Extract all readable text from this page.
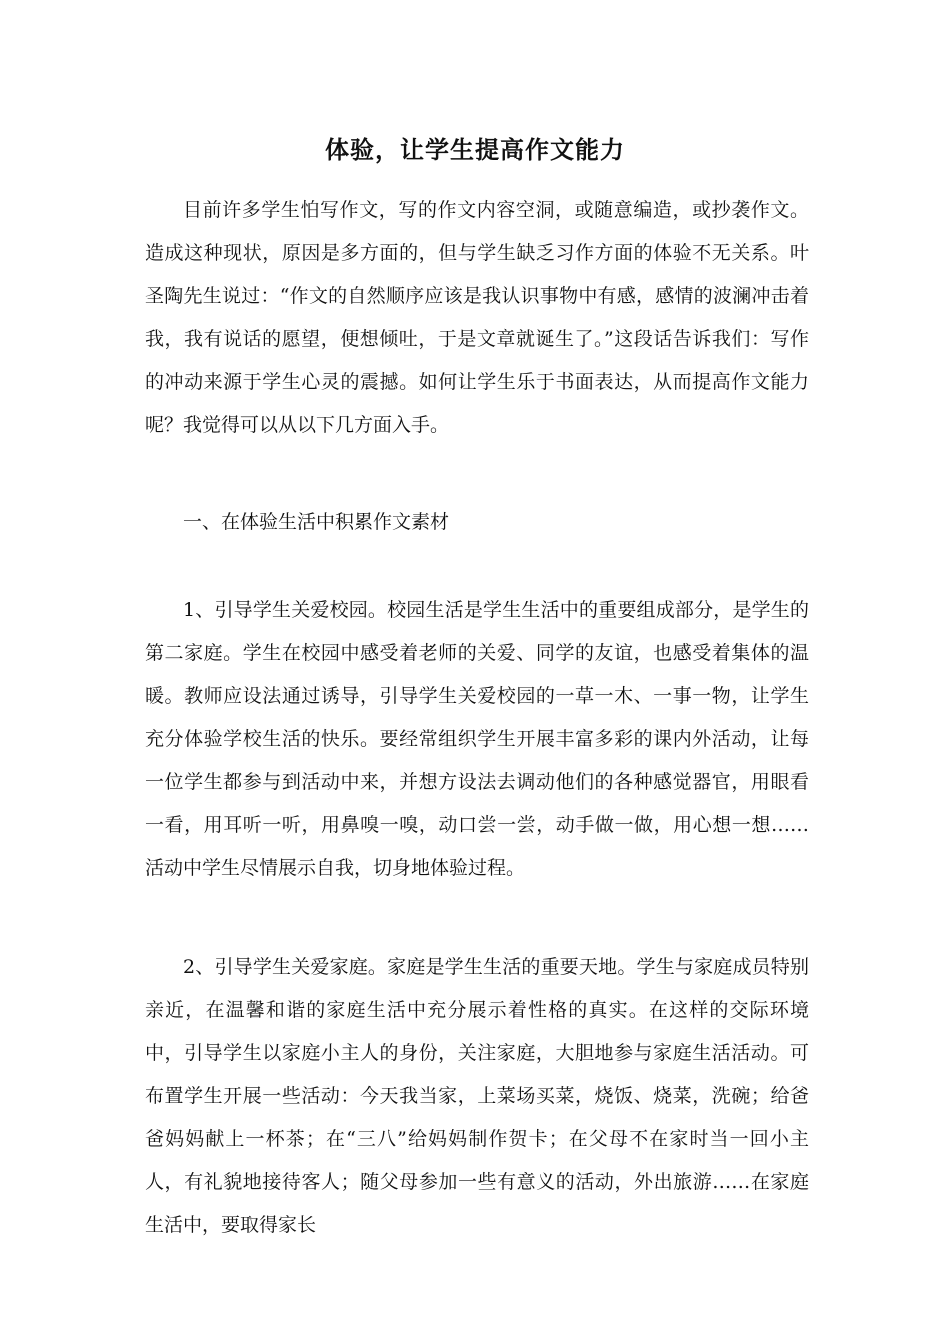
体验，让学生提高作文能力

目前许多学生怕写作文，写的作文内容空洞，或随意编造，或抄袭作文。造成这种现状，原因是多方面的，但与学生缺乏习作方面的体验不无关系。叶圣陶先生说过：“作文的自然顺序应该是我认识事物中有感，感情的波澜冲击着我，我有说话的愿望，便想倾吐，于是文章就诞生了。”这段话告诉我们：写作的冲动来源于学生心灵的震撼。如何让学生乐于书面表达，从而提高作文能力呢？我觉得可以从以下几方面入手。

一、在体验生活中积累作文素材

1、引导学生关爱校园。校园生活是学生生活中的重要组成部分，是学生的第二家庭。学生在校园中感受着老师的关爱、同学的友谊，也感受着集体的温暖。教师应设法通过诱导，引导学生关爱校园的一草一木、一事一物，让学生充分体验学校生活的快乐。要经常组织学生开展丰富多彩的课内外活动，让每一位学生都参与到活动中来，并想方设法去调动他们的各种感觉器官，用眼看一看，用耳听一听，用鼻嗅一嗅，动口尝一尝，动手做一做，用心想一想……活动中学生尽情展示自我，切身地体验过程。

2、引导学生关爱家庭。家庭是学生生活的重要天地。学生与家庭成员特别亲近，在温馨和谐的家庭生活中充分展示着性格的真实。在这样的交际环境中，引导学生以家庭小主人的身份，关注家庭，大胆地参与家庭生活活动。可布置学生开展一些活动：今天我当家，上菜场买菜，烧饭、烧菜，洗碗；给爸爸妈妈献上一杯茶；在“三八”给妈妈制作贺卡；在父母不在家时当一回小主人，有礼貌地接待客人；随父母参加一些有意义的活动，外出旅游……在家庭生活中，要取得家长
